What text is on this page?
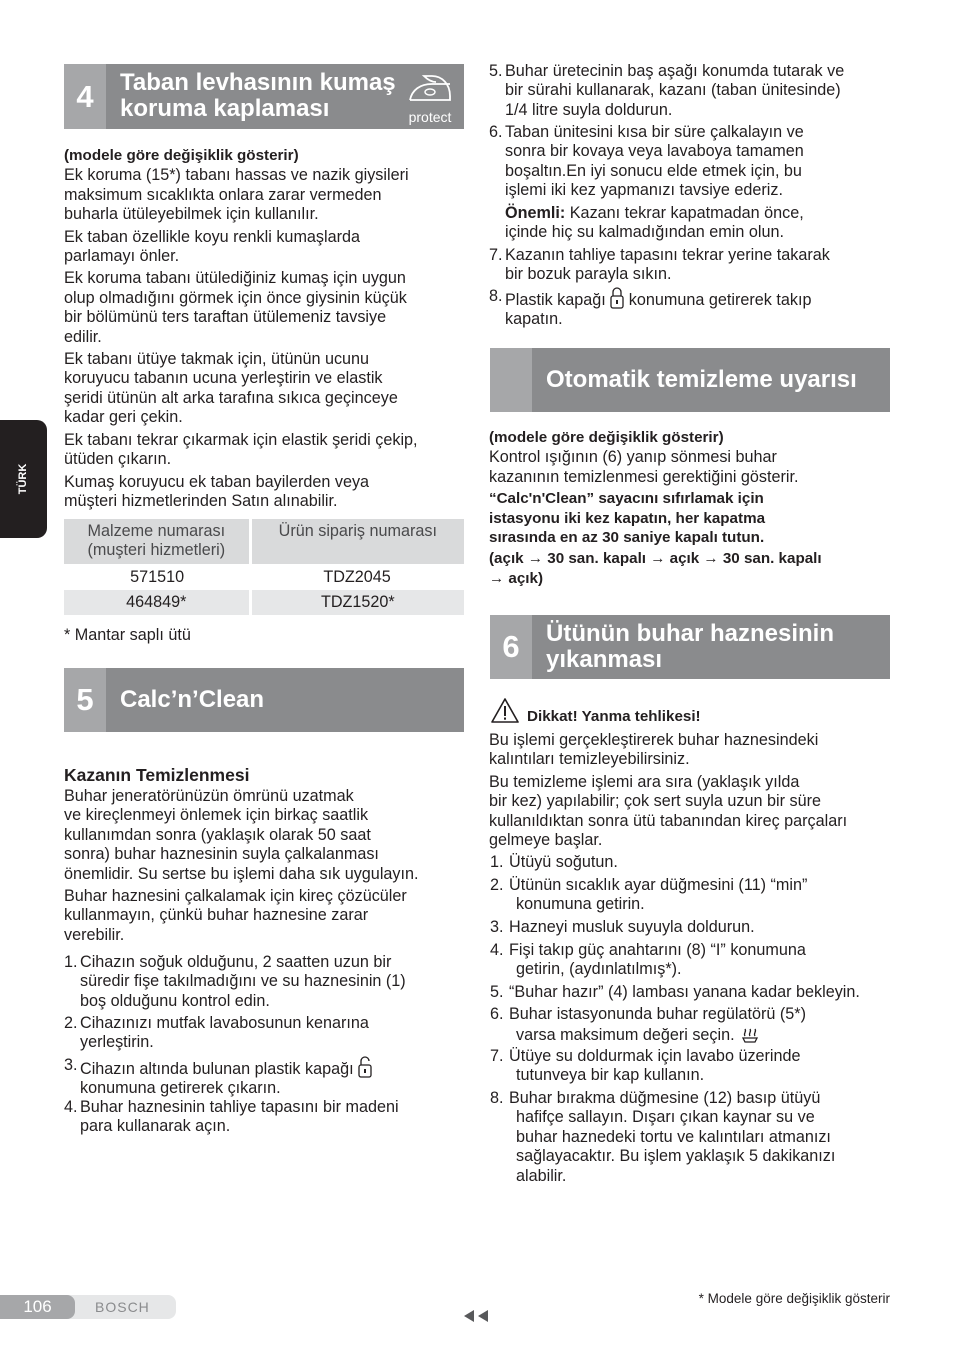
TÜRK
4	Taban levhasının kumaş
koruma kaplaması	protect

(modele göre değişiklik gösterir)

Ek koruma (15*) tabanı hassas ve nazik giysileri

maksimum sıcaklıkta onlara zarar vermeden

buharla ütüleyebilmek için kullanılır.

Ek taban özellikle koyu renkli kumaşlarda

parlamayı önler.

Ek koruma tabanı ütülediğiniz kumaş için uygun

olup olmadığını görmek için önce giysinin küçük

bir bölümünü ters taraftan ütülemeniz tavsiye

edilir.

Ek tabanı ütüye takmak için, ütünün ucunu

koruyucu tabanın ucuna yerleştirin ve elastik

şeridi ütünün alt arka tarafına sıkıca geçinceye

kadar geri çekin.

Ek tabanı tekrar çıkarmak için elastik şeridi çekip,

ütüden çıkarın.

Kumaş koruyucu ek taban bayilerden veya

müşteri hizmetlerinden Satın alınabilir.

Malzeme numarası
(muşteri hizmetleri)	Ürün sipariş numarası
571510	TDZ2045
464849*	TDZ1520*

* Mantar saplı ütü

5	Calc’n’Clean

Kazanın Temizlenmesi

Buhar jeneratörünüzün ömrünü uzatmak

ve kireçlenmeyi önlemek için birkaç saatlik

kullanımdan sonra (yaklaşık olarak 50 saat

sonra) buhar haznesinin suyla çalkalanması

önemlidir. Su sertse bu işlemi daha sık uygulayın.

Buhar haznesini çalkalamak için kireç çözücüler

kullanmayın, çünkü buhar haznesine zarar

verebilir.

1. Cihazın soğuk olduğunu, 2 saatten uzun bir
süredir fişe takılmadığını ve su haznesinin (1)
boş olduğunu kontrol edin.
2. Cihazınızı mutfak lavabosunun kenarına
yerleştirin.
3. Cihazın altında bulunan plastik kapağı
konumuna getirerek çıkarın.
4. Buhar haznesinin tahliye tapasını bir madeni
para kullanarak açın.
5. Buhar üretecinin baş aşağı konumda tutarak ve
bir sürahi kullanarak, kazanı (taban ünitesinde)
1/4 litre suyla doldurun.
6. Taban ünitesini kısa bir süre çalkalayın ve
sonra bir kovaya veya lavaboya tamamen
boşaltın.En iyi sonucu elde etmek için, bu
işlemi iki kez yapmanızı tavsiye ederiz.
Önemli: Kazanı tekrar kapatmadan önce,
içinde hiç su kalmadığından emin olun.
7. Kazanın tahliye tapasını tekrar yerine takarak
bir bozuk parayla sıkın.
8. Plastik kapağı konumuna getirerek takıp
kapatın.
Otomatik temizleme uyarısı

(modele göre değişiklik gösterir)

Kontrol ışığının (6) yanıp sönmesi buhar

kazanının temizlenmesi gerektiğini gösterir.

“Calc'n'Clean” sayacını sıfırlamak için

istasyonu iki kez kapatın, her kapatma

sırasında en az 30 saniye kapalı tutun.

(açık → 30 san. kapalı → açık → 30 san. kapalı

→ açık)

6	Ütünün buhar haznesinin
yıkanması
Dikkat! Yanma tehlikesi!

Bu işlemi gerçekleştirerek buhar haznesindeki

kalıntıları temizleyebilirsiniz.

Bu temizleme işlemi ara sıra (yaklaşık yılda

bir kez) yapılabilir; çok sert suyla uzun bir süre

kullanıldıktan sonra ütü tabanından kireç parçaları

gelmeye başlar.

1. Ütüyü soğutun.
2. Ütünün sıcaklık ayar düğmesini (11) “min”
konumuna getirin.
3. Hazneyi musluk suyuyla doldurun.
4. Fişi takıp güç anahtarını (8) “I” konumuna
getirin, (aydınlatılmış*).
5. “Buhar hazır” (4) lambası yanana kadar bekleyin.
6. Buhar istasyonunda buhar regülatörü (5*)
varsa maksimum değeri seçin.
7. Ütüye su doldurmak için lavabo üzerinde
tutunveya bir kap kullanın.
8. Buhar bırakma düğmesine (12) basıp ütüyü
hafifçe sallayın. Dışarı çıkan kaynar su ve
buhar haznedeki tortu ve kalıntıları atmanızı
sağlayacaktır. Bu işlem yaklaşık 5 dakikanızı
alabilir.
106	BOSCH
* Modele göre değişiklik gösterir
